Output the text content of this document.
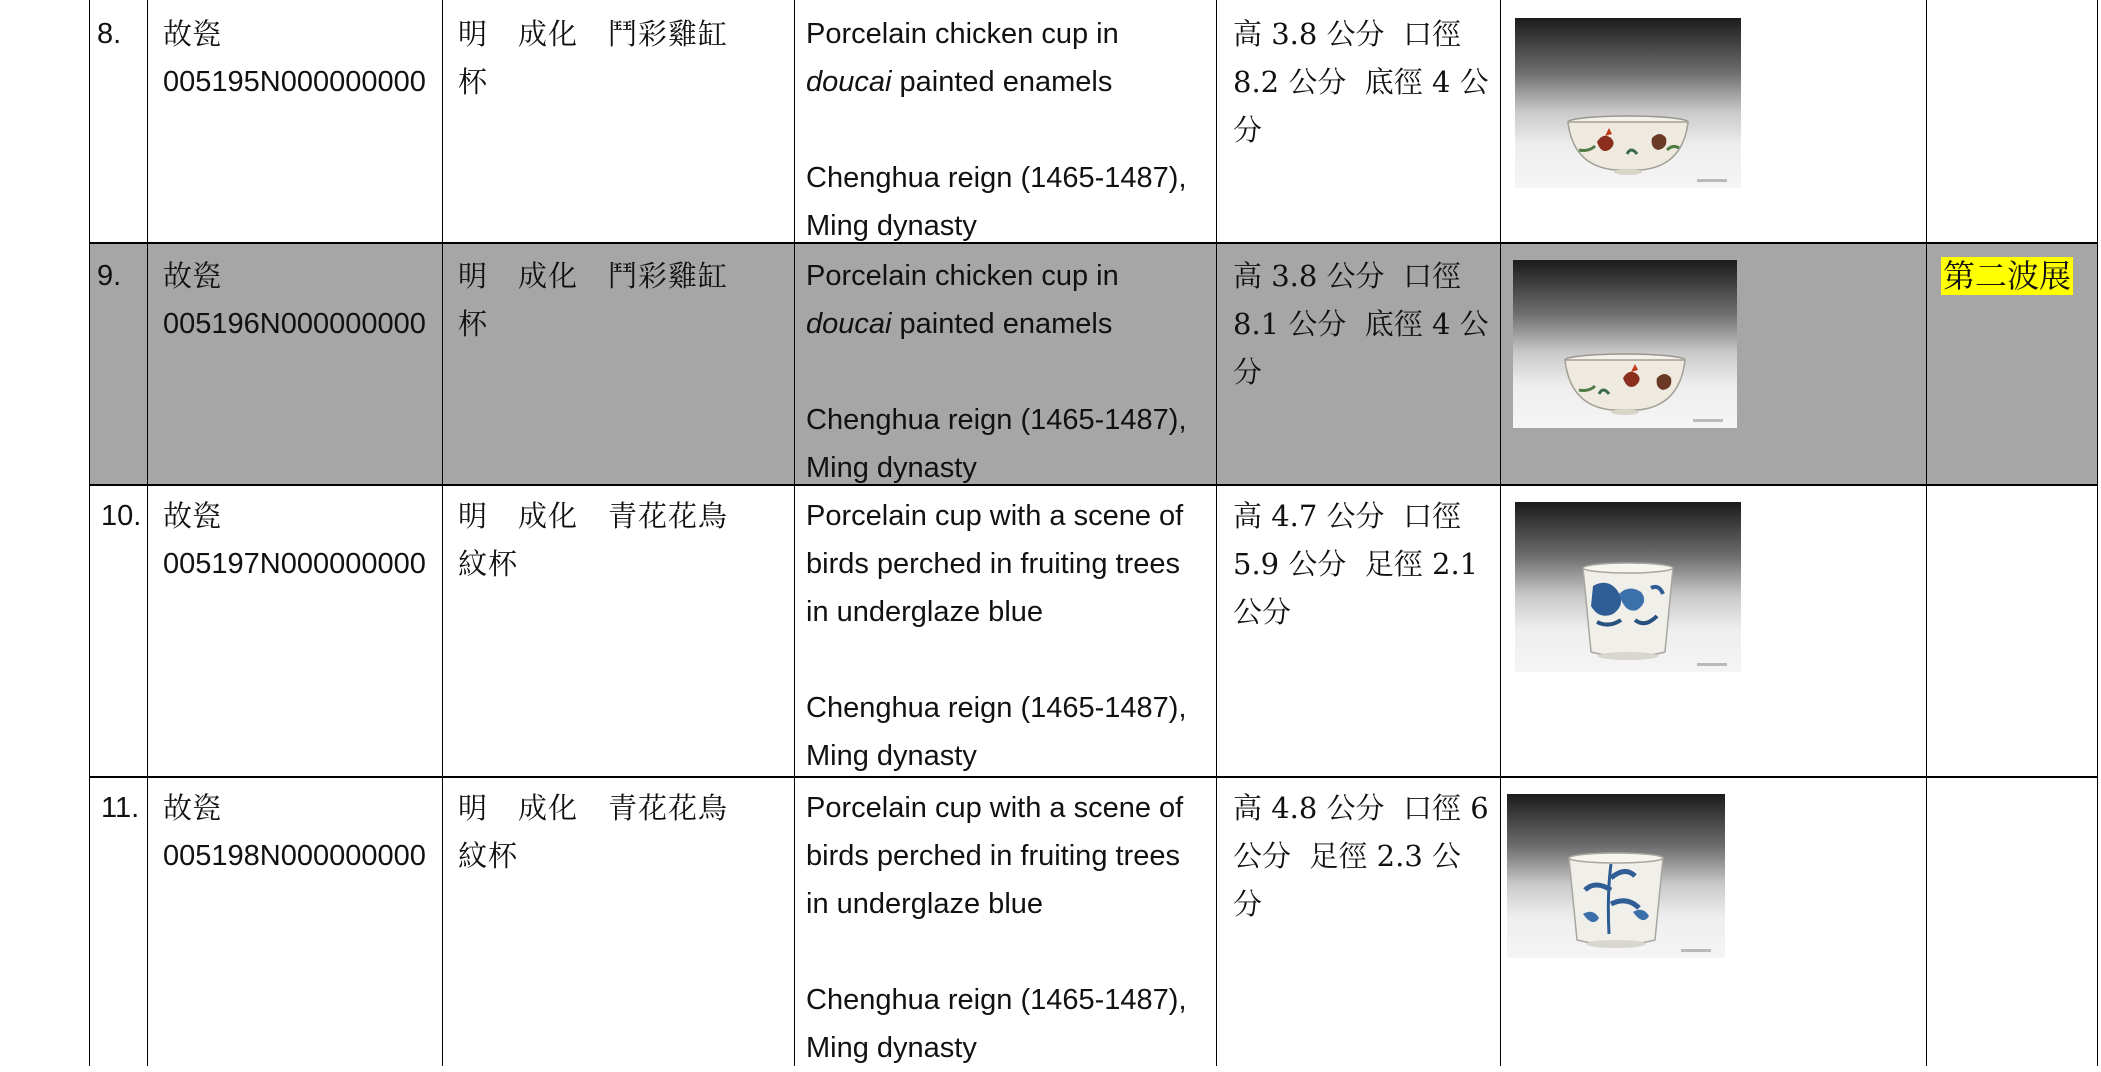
8.	故瓷
005195N000000000
明　成化　鬥彩雞缸
杯
Porcelain chicken cup in
doucai painted enamels
Chenghua reign (1465-1487),
Ming dynasty
高 3.8 公分  口徑
8.2 公分  底徑 4 公
分
9.	故瓷
005196N000000000
明　成化　鬥彩雞缸
杯
Porcelain chicken cup in
doucai painted enamels
Chenghua reign (1465-1487),
Ming dynasty
高 3.8 公分  口徑
8.1 公分  底徑 4 公
分
第二波展
10. 故瓷
005197N000000000
明　成化　青花花鳥
紋杯
Porcelain cup with a scene of
birds perched in fruiting trees
in underglaze blue
Chenghua reign (1465-1487),
Ming dynasty
高 4.7 公分  口徑
5.9 公分  足徑 2.1
公分
11. 故瓷
005198N000000000
明　成化　青花花鳥
紋杯
Porcelain cup with a scene of
birds perched in fruiting trees
in underglaze blue
Chenghua reign (1465-1487),
Ming dynasty
高 4.8 公分  口徑 6
公分  足徑 2.3 公
分
